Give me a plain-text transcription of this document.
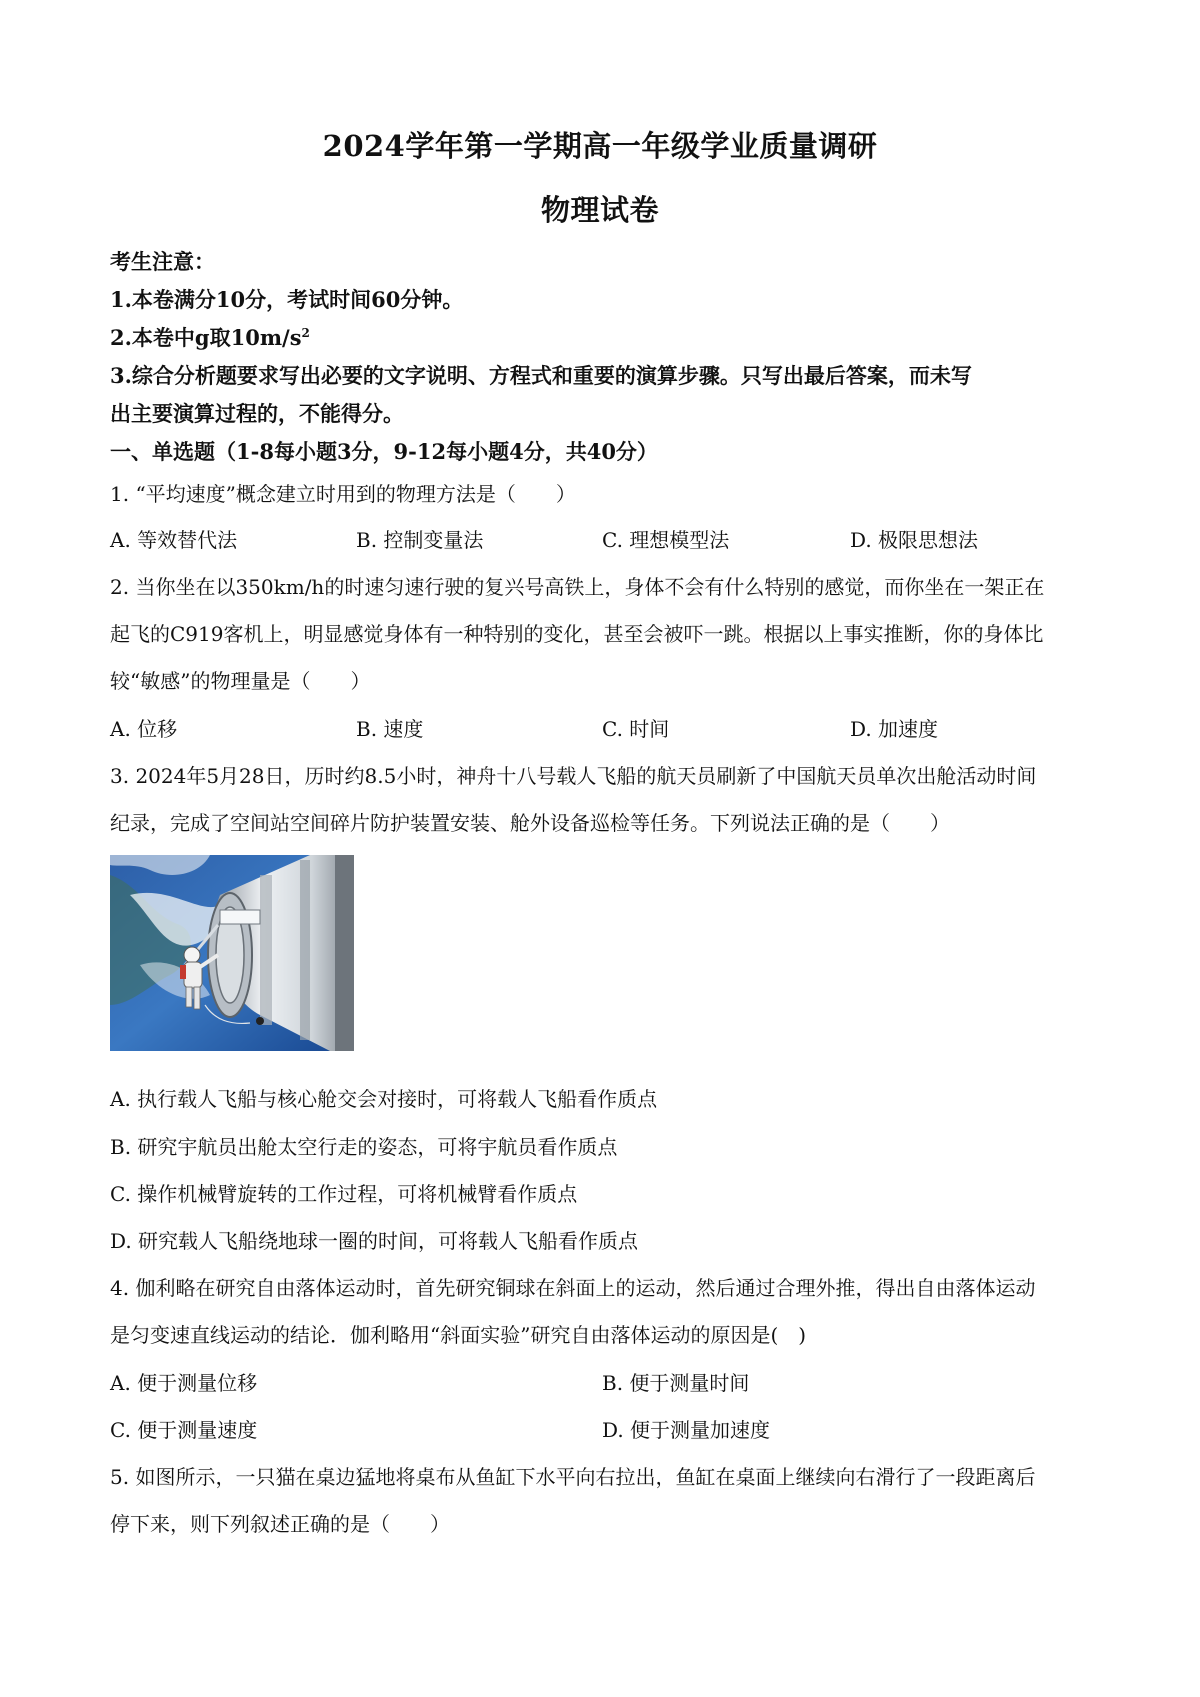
2024学年第一学期高一年级学业质量调研
物理试卷
考生注意：
1.本卷满分10分，考试时间60分钟。
2.本卷中g取$10m/s^2$
3.综合分析题要求写出必要的文字说明、方程式和重要的演算步骤。只写出最后答案，而未写
出主要演算过程的，不能得分。
一、单选题（1-8每小题3分，9-12每小题4分，共40分）
1. “平均速度”概念建立时用到的物理方法是（　　）
A. 等效替代法	B. 控制变量法	C. 理想模型法	D. 极限思想法
2. 当你坐在以350km/h的时速匀速行驶的复兴号高铁上，身体不会有什么特别的感觉，而你坐在一架正在
起飞的C919客机上，明显感觉身体有一种特别的变化，甚至会被吓一跳。根据以上事实推断，你的身体比
较“敏感”的物理量是（　　）
A. 位移	B. 速度	C. 时间	D. 加速度
3. 2024年5月28日，历时约8.5小时，神舟十八号载人飞船的航天员刷新了中国航天员单次出舱活动时间
纪录，完成了空间站空间碎片防护装置安装、舱外设备巡检等任务。下列说法正确的是（　　）
A. 执行载人飞船与核心舱交会对接时，可将载人飞船看作质点
B. 研究宇航员出舱太空行走的姿态，可将宇航员看作质点
C. 操作机械臂旋转的工作过程，可将机械臂看作质点
D. 研究载人飞船绕地球一圈的时间，可将载人飞船看作质点
4. 伽利略在研究自由落体运动时，首先研究铜球在斜面上的运动，然后通过合理外推，得出自由落体运动
是匀变速直线运动的结论．伽利略用“斜面实验”研究自由落体运动的原因是(　)
A. 便于测量位移	B. 便于测量时间
C. 便于测量速度	D. 便于测量加速度
5. 如图所示，一只猫在桌边猛地将桌布从鱼缸下水平向右拉出，鱼缸在桌面上继续向右滑行了一段距离后
停下来，则下列叙述正确的是（　　）
